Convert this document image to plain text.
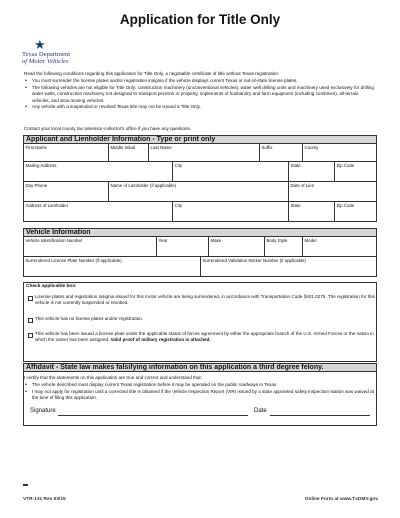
Application for Title Only
★
Texas Department
of Motor Vehicles
Read the following conditions regarding this application for Title Only, a negotiable certificate of title without Texas registration:
• You must surrender the license plates and/or registration insignia if the vehicle displays current Texas or out-of-state license plates.
• The following vehicles are not eligible for Title Only: construction machinery (unconventional vehicles), water well drilling units and machinery used exclusively for drilling water wells, construction machinery not designed to transport persons or property, implements of husbandry and farm equipment (including combines), all-terrain vehicles, and slow moving vehicles.
• Any vehicle with a suspended or revoked Texas title may not be issued a Title Only.
Contact your local county tax assessor-collector's office if you have any questions.
Applicant and Lienholder Information - Type or print only
First Name	Middle Initial	Last Name	Suffix	County
Mailing Address	City	State	Zip Code
Day Phone	Name of Lienholder (if applicable)	Date of Lien
Address of Lienholder	City	State	Zip Code
Vehicle Information
Vehicle Identification Number	Year	Make	Body Style	Model
Surrendered License Plate Number (if applicable)	Surrendered Validation Sticker Number (if applicable)
Check applicable box:
License plates and registration insignia issued for this motor vehicle are being surrendered, in accordance with Transportation Code §501.0275. The registration for this vehicle is not currently suspended or revoked.
This vehicle has no license plates and/or registration.
This vehicle has been issued a license plate under the applicable status of forces agreement by either the appropriate branch of the U.S. Armed Forces or the nation in which the owner has been assigned. Valid proof of military registration is attached.
Affidavit - State law makes falsifying information on this application a third degree felony.
I certify that the statements on this application are true and correct and understand that:
• The vehicle described must display current Texas registration before it may be operated on the public roadways in Texas.
• I may not apply for registration until a corrected title is obtained if the Vehicle Inspection Report (VIR) issued by a state appointed safety inspection station was waived at the time of filing this application.
Signature	Date
VTR-131 Rev 03/15	Online Form at www.TxDMV.gov
